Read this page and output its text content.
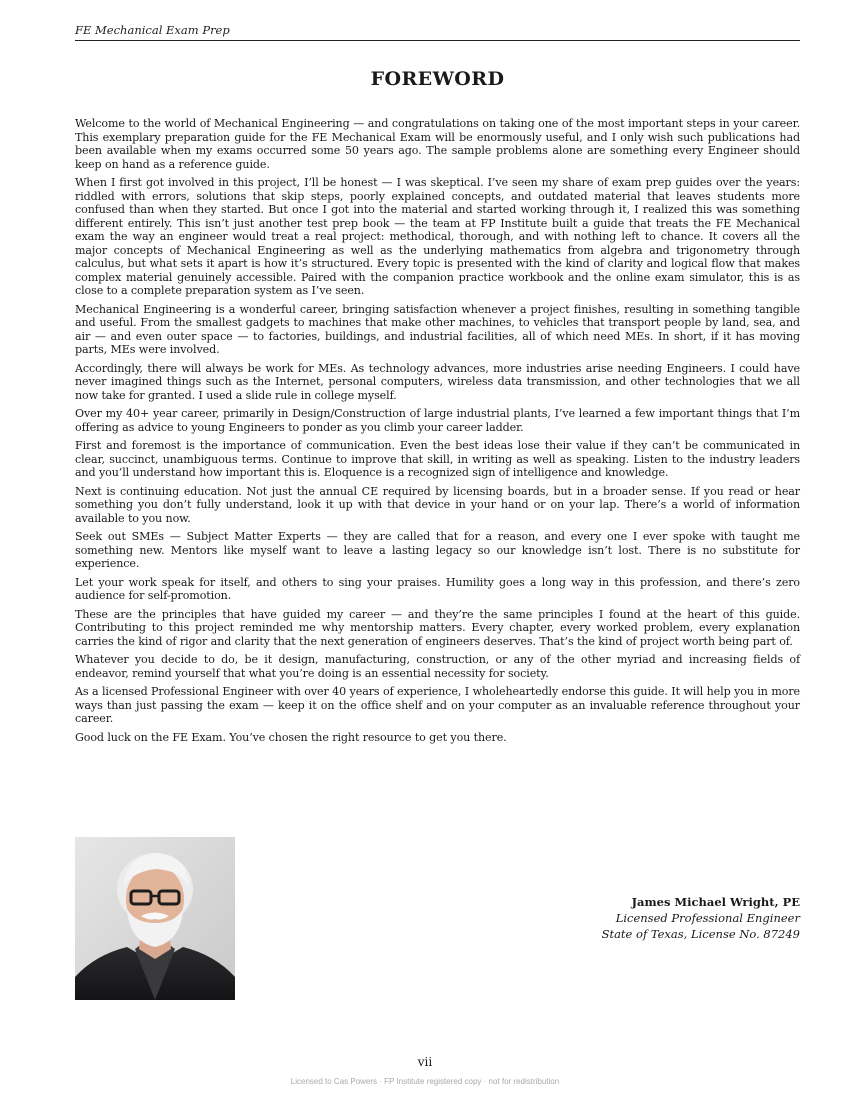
FE Mechanical Exam Prep
FOREWORD

Welcome to the world of Mechanical Engineering — and congratulations on taking one of the most important steps in your career. This exemplary preparation guide for the FE Mechanical Exam will be enormously useful, and I only wish such publications had been available when my exams occurred some 50 years ago. The sample problems alone are something every Engineer should keep on hand as a reference guide.

When I first got involved in this project, I’ll be honest — I was skeptical. I’ve seen my share of exam prep guides over the years: riddled with errors, solutions that skip steps, poorly explained concepts, and outdated material that leaves students more confused than when they started. But once I got into the material and started working through it, I realized this was something different entirely. This isn’t just another test prep book — the team at FP Institute built a guide that treats the FE Mechanical exam the way an engineer would treat a real project: methodical, thorough, and with nothing left to chance. It covers all the major concepts of Mechanical Engineering as well as the underlying mathematics from algebra and trigonometry through calculus, but what sets it apart is how it’s structured. Every topic is presented with the kind of clarity and logical flow that makes complex material genuinely accessible. Paired with the companion practice workbook and the online exam simulator, this is as close to a complete preparation system as I’ve seen.

Mechanical Engineering is a wonderful career, bringing satisfaction whenever a project finishes, resulting in something tangible and useful. From the smallest gadgets to machines that make other machines, to vehicles that transport people by land, sea, and air — and even outer space — to factories, buildings, and industrial facilities, all of which need MEs. In short, if it has moving parts, MEs were involved.

Accordingly, there will always be work for MEs. As technology advances, more industries arise needing Engineers. I could have never imagined things such as the Internet, personal computers, wireless data transmission, and other technologies that we all now take for granted. I used a slide rule in college myself.

Over my 40+ year career, primarily in Design/Construction of large industrial plants, I’ve learned a few important things that I’m offering as advice to young Engineers to ponder as you climb your career ladder.

First and foremost is the importance of communication. Even the best ideas lose their value if they can’t be communicated in clear, succinct, unambiguous terms. Continue to improve that skill, in writing as well as speaking. Listen to the industry leaders and you’ll understand how important this is. Eloquence is a recognized sign of intelligence and knowledge.

Next is continuing education. Not just the annual CE required by licensing boards, but in a broader sense. If you read or hear something you don’t fully understand, look it up with that device in your hand or on your lap. There’s a world of information available to you now.

Seek out SMEs — Subject Matter Experts — they are called that for a reason, and every one I ever spoke with taught me something new. Mentors like myself want to leave a lasting legacy so our knowledge isn’t lost. There is no substitute for experience.

Let your work speak for itself, and others to sing your praises. Humility goes a long way in this profession, and there’s zero audience for self-promotion.

These are the principles that have guided my career — and they’re the same principles I found at the heart of this guide. Contributing to this project reminded me why mentorship matters. Every chapter, every worked problem, every explanation carries the kind of rigor and clarity that the next generation of engineers deserves. That’s the kind of project worth being part of.

Whatever you decide to do, be it design, manufacturing, construction, or any of the other myriad and increasing fields of endeavor, remind yourself that what you’re doing is an essential necessity for society.

As a licensed Professional Engineer with over 40 years of experience, I wholeheartedly endorse this guide. It will help you in more ways than just passing the exam — keep it on the office shelf and on your computer as an invaluable reference throughout your career.

Good luck on the FE Exam. You’ve chosen the right resource to get you there.

James Michael Wright, PE
Licensed Professional Engineer
State of Texas, License No. 87249
vii
Licensed to Cas Powers · FP Institute registered copy · not for redistribution
